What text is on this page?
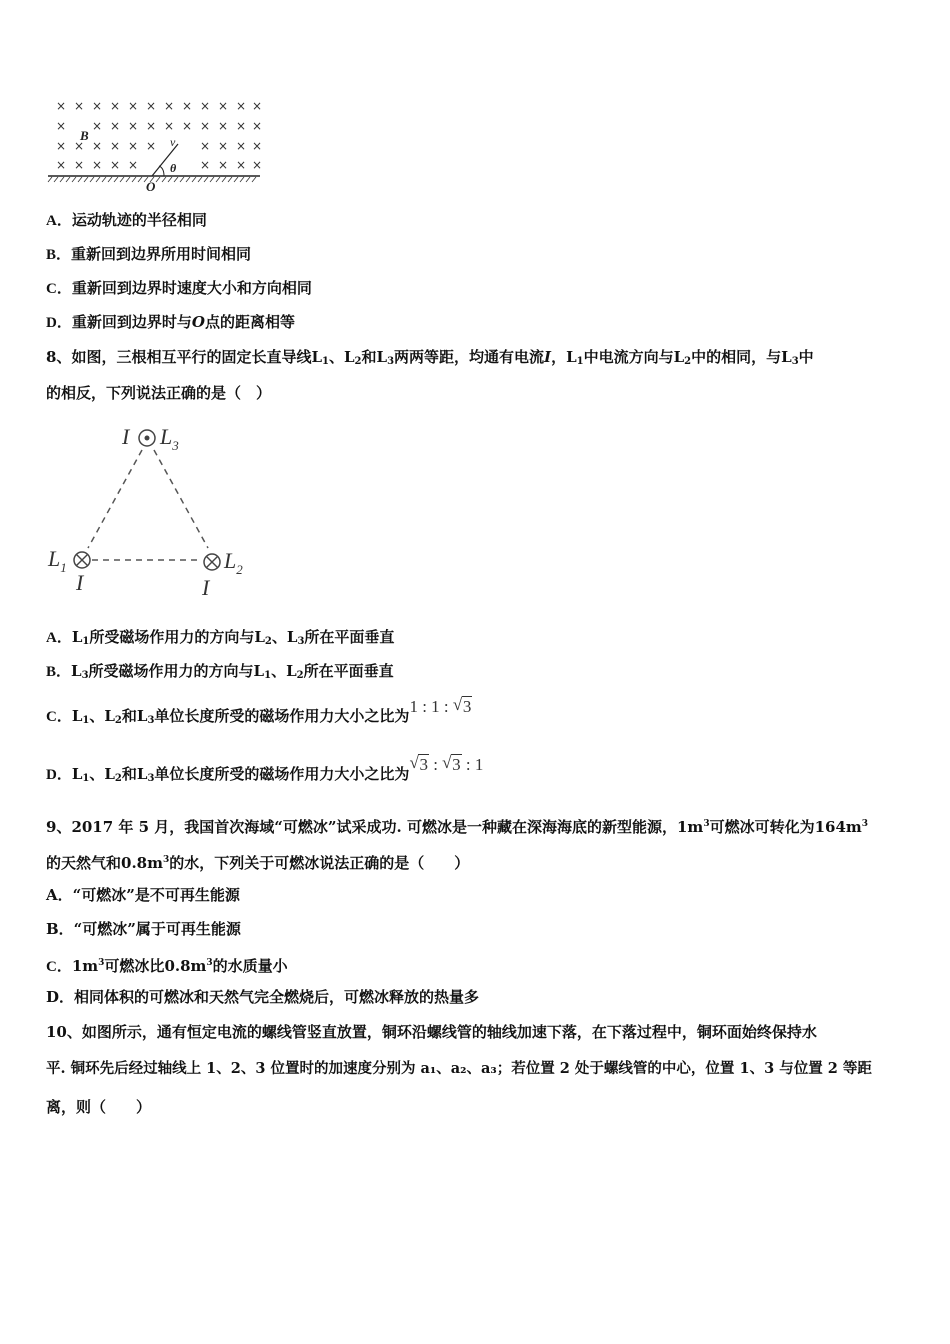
× × × × × × × × × × × ×
× × × × × × × × × × ×
× × × × × ×	× × × ×
× × × × ×	× × × ×
B	v
θ
O
A．运动轨迹的半径相同
B．重新回到边界所用时间相同
C．重新回到边界时速度大小和方向相同
D．重新回到边界时与O点的距离相等
8、如图，三根相互平行的固定长直导线$L_1$、$L_2$和$L_3$两两等距，均通有电流I，$L_1$中电流方向与$L_2$中的相同，与$L_3$中
的相反，下列说法正确的是（　）
I $L_3$
$L_1$
I
$L_2$
I
A．$L_1$所受磁场作用力的方向与$L_2$、$L_3$所在平面垂直
B．$L_3$所受磁场作用力的方向与$L_1$、$L_2$所在平面垂直
C．$L_1$、$L_2$和$L_3$单位长度所受的磁场作用力大小之比为1 : 1 : √ 3
D．$L_1$、$L_2$和$L_3$单位长度所受的磁场作用力大小之比为
√ 3 : √ 3 : 1
9、2017 年 5 月，我国首次海域“可燃冰”试采成功. 可燃冰是一种藏在深海海底的新型能源，$1m^3$可燃冰可转化为$164m^3$
的天然气和$0.8m^3$的水，下列关于可燃冰说法正确的是（　　）
A．“可燃冰”是不可再生能源
B．“可燃冰”属于可再生能源
C．$1m^3$可燃冰比$0.8m^3$的水质量小
D．相同体积的可燃冰和天然气完全燃烧后，可燃冰释放的热量多
10、如图所示，通有恒定电流的螺线管竖直放置，铜环沿螺线管的轴线加速下落，在下落过程中，铜环面始终保持水
平. 铜环先后经过轴线上 1、2、3 位置时的加速度分别为 a₁、a₂、a₃；若位置 2 处于螺线管的中心，位置 1、3 与位置 2 等距
离，则（　　）
